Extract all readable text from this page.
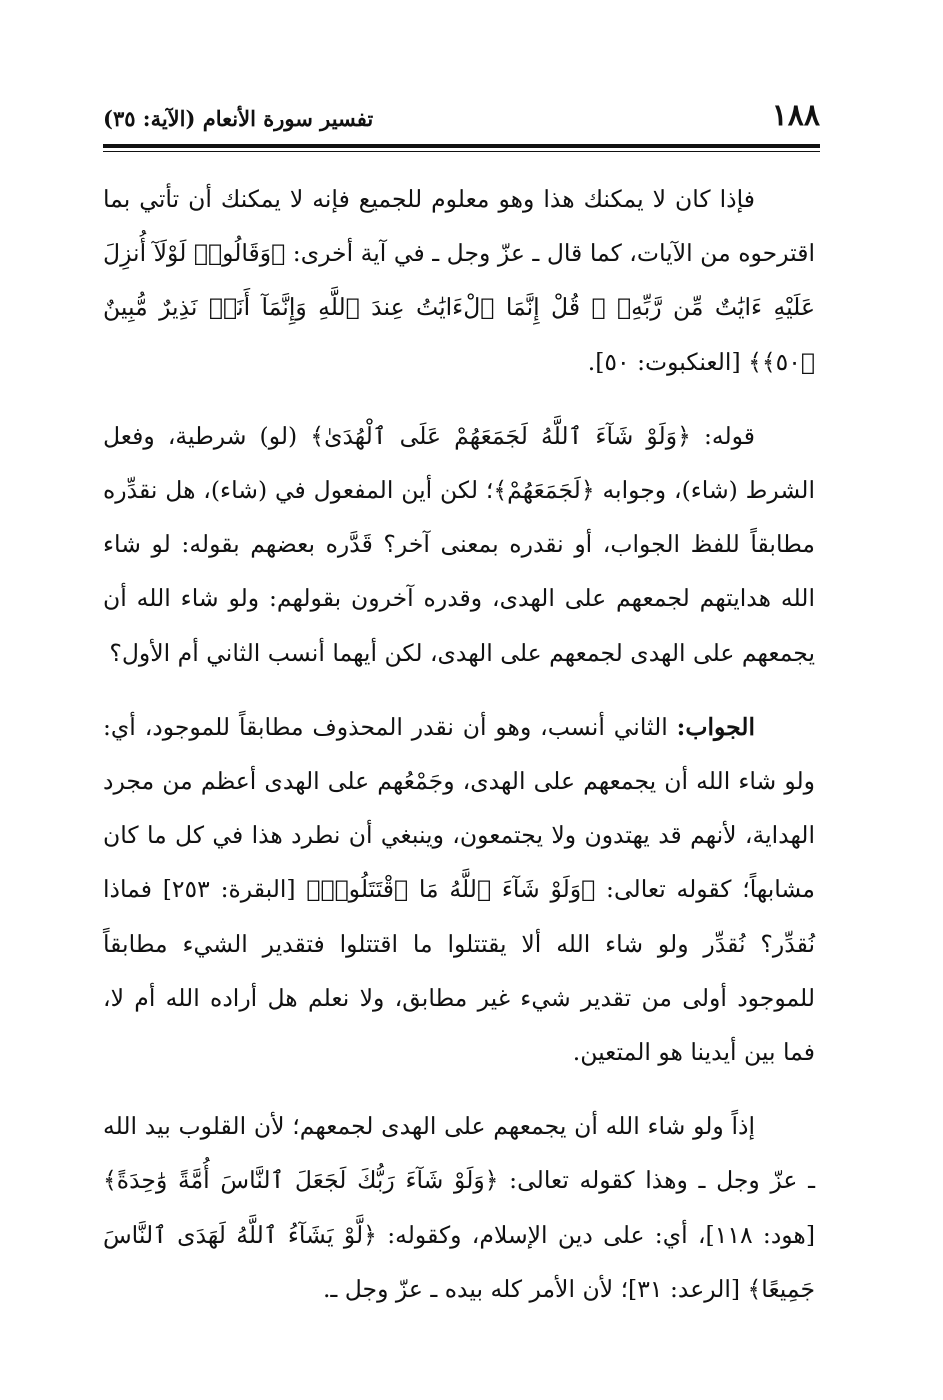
١٨٨
تفسير سورة الأنعام (الآية: ٣٥)

فإذا كان لا يمكنك هذا وهو معلوم للجميع فإنه لا يمكنك أن تأتي بما اقترحوه من الآيات، كما قال ـ عزّ وجل ـ في آية أخرى: ﴿وَقَالُوا۟ لَوْلَآ أُنزِلَ عَلَيْهِ ءَايَٰتٌ مِّن رَّبِّهِۦ ۖ قُلْ إِنَّمَا ٱلْءَايَٰتُ عِندَ ٱللَّهِ وَإِنَّمَآ أَنَا۠ نَذِيرٌ مُّبِينٌ ﴿٥٠﴾﴾ [العنكبوت: ٥٠].

قوله: ﴿وَلَوْ شَآءَ ٱللَّهُ لَجَمَعَهُمْ عَلَى ٱلْهُدَىٰ﴾ (لو) شرطية، وفعل الشرط (شاء)، وجوابه ﴿لَجَمَعَهُمْ﴾؛ لكن أين المفعول في (شاء)، هل نقدِّره مطابقاً للفظ الجواب، أو نقدره بمعنى آخر؟ قَدَّره بعضهم بقوله: لو شاء الله هدايتهم لجمعهم على الهدى، وقدره آخرون بقولهم: ولو شاء الله أن يجمعهم على الهدى لجمعهم على الهدى، لكن أيهما أنسب الثاني أم الأول؟

الجواب: الثاني أنسب، وهو أن نقدر المحذوف مطابقاً للموجود، أي: ولو شاء الله أن يجمعهم على الهدى، وجَمْعُهم على الهدى أعظم من مجرد الهداية، لأنهم قد يهتدون ولا يجتمعون، وينبغي أن نطرد هذا في كل ما كان مشابهاً؛ كقوله تعالى: ﴿وَلَوْ شَآءَ ٱللَّهُ مَا ٱقْتَتَلُوا۟﴾ [البقرة: ٢٥٣] فماذا نُقدِّر؟ نُقدِّر ولو شاء الله ألا يقتتلوا ما اقتتلوا فتقدير الشيء مطابقاً للموجود أولى من تقدير شيء غير مطابق، ولا نعلم هل أراده الله أم لا، فما بين أيدينا هو المتعين.

إذاً ولو شاء الله أن يجمعهم على الهدى لجمعهم؛ لأن القلوب بيد الله ـ عزّ وجل ـ وهذا كقوله تعالى: ﴿وَلَوْ شَآءَ رَبُّكَ لَجَعَلَ ٱلنَّاسَ أُمَّةً وَٰحِدَةً﴾ [هود: ١١٨]، أي: على دين الإسلام، وكقوله: ﴿لَّوْ يَشَآءُ ٱللَّهُ لَهَدَى ٱلنَّاسَ جَمِيعًا﴾ [الرعد: ٣١]؛ لأن الأمر كله بيده ـ عزّ وجل ـ.
